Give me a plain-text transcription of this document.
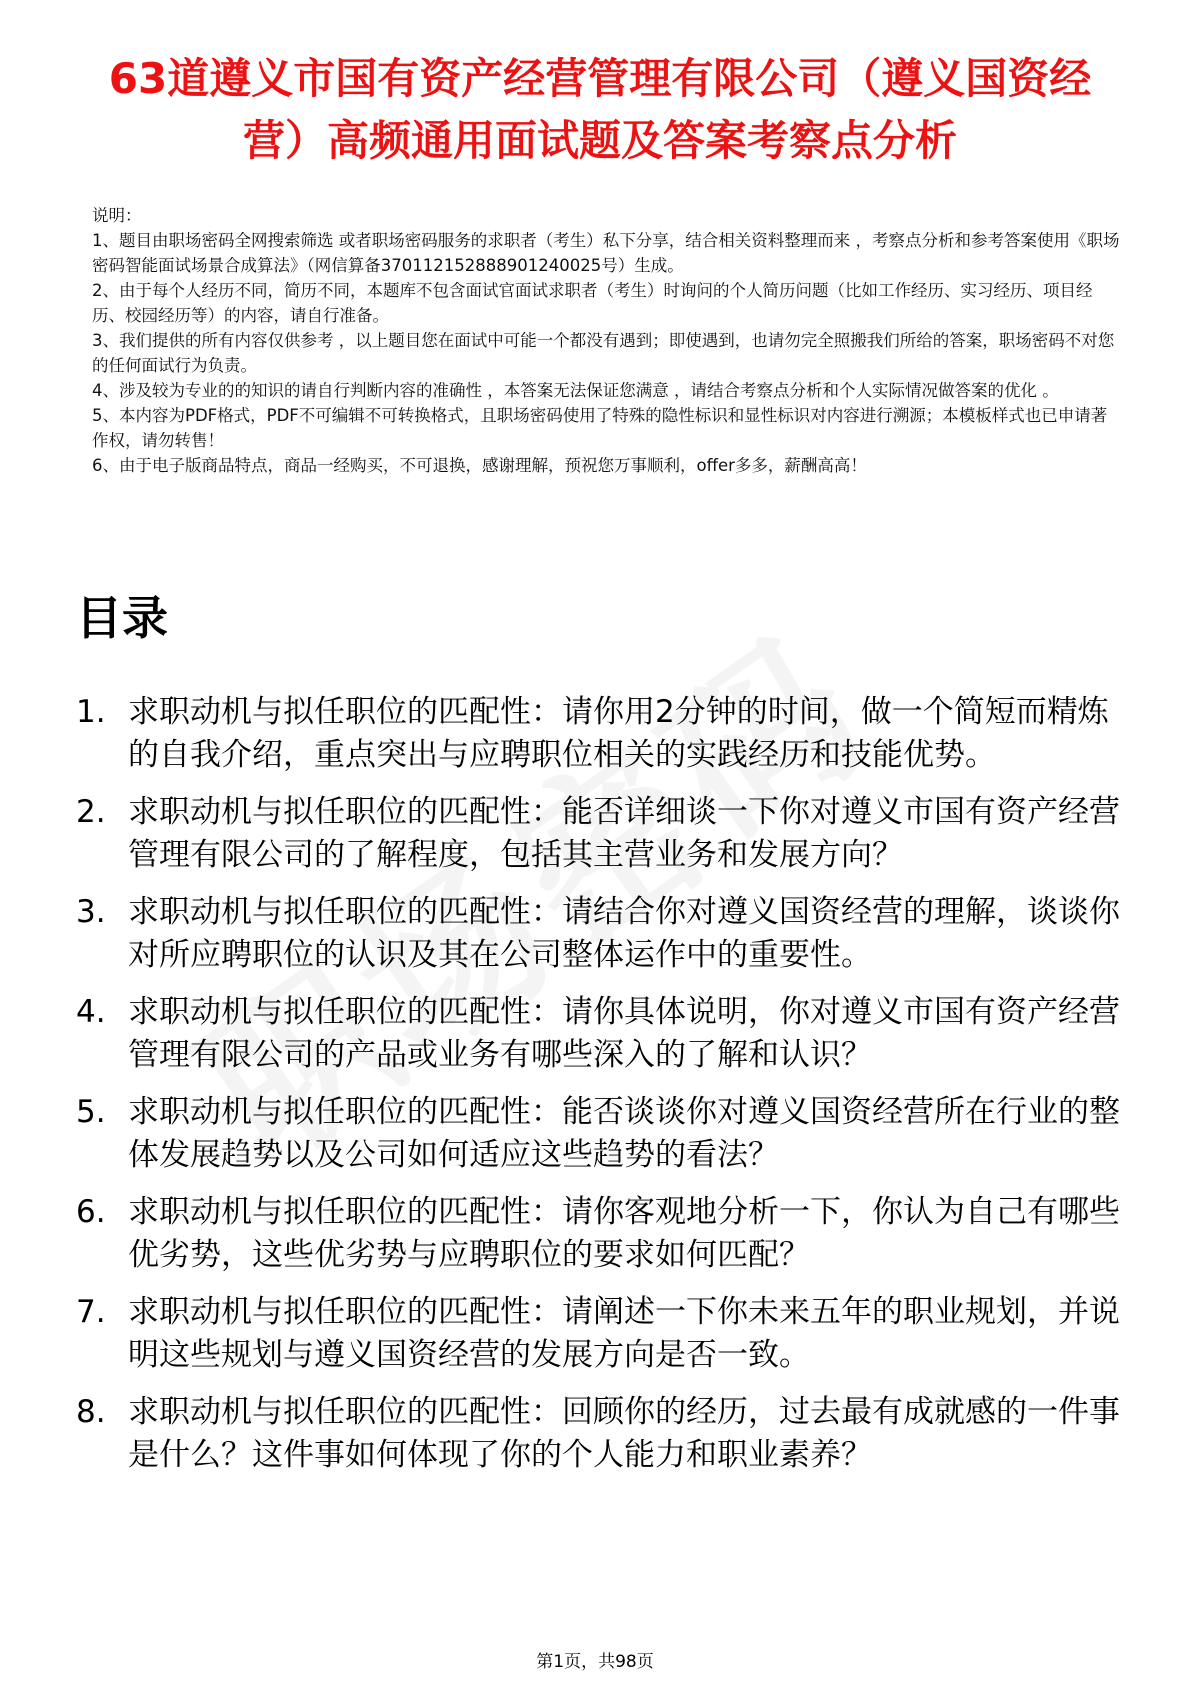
63道遵义市国有资产经营管理有限公司（遵义国资经营）高频通用面试题及答案考察点分析
说明：
1、题目由职场密码全网搜索筛选 或者职场密码服务的求职者（考生）私下分享，结合相关资料整理而来 ，考察点分析和参考答案使用《职场密码智能面试场景合成算法》（网信算备370112152888901240025号）生成。
2、由于每个人经历不同，简历不同，本题库不包含面试官面试求职者（考生）时询问的个人简历问题（比如工作经历、实习经历、项目经历、校园经历等）的内容，请自行准备。
3、我们提供的所有内容仅供参考 ，以上题目您在面试中可能一个都没有遇到；即使遇到，也请勿完全照搬我们所给的答案，职场密码不对您的任何面试行为负责。
4、涉及较为专业的的知识的请自行判断内容的准确性 ，本答案无法保证您满意 ，请结合考察点分析和个人实际情况做答案的优化 。
5、本内容为PDF格式，PDF不可编辑不可转换格式，且职场密码使用了特殊的隐性标识和显性标识对内容进行溯源；本模板样式也已申请著作权，请勿转售！
6、由于电子版商品特点，商品一经购买，不可退换，感谢理解，预祝您万事顺利，offer多多，薪酬高高！
目录
1. 求职动机与拟任职位的匹配性：请你用2分钟的时间，做一个简短而精炼的自我介绍，重点突出与应聘职位相关的实践经历和技能优势。
2. 求职动机与拟任职位的匹配性：能否详细谈一下你对遵义市国有资产经营管理有限公司的了解程度，包括其主营业务和发展方向？
3. 求职动机与拟任职位的匹配性：请结合你对遵义国资经营的理解，谈谈你对所应聘职位的认识及其在公司整体运作中的重要性。
4. 求职动机与拟任职位的匹配性：请你具体说明，你对遵义市国有资产经营管理有限公司的产品或业务有哪些深入的了解和认识？
5. 求职动机与拟任职位的匹配性：能否谈谈你对遵义国资经营所在行业的整体发展趋势以及公司如何适应这些趋势的看法？
6. 求职动机与拟任职位的匹配性：请你客观地分析一下，你认为自己有哪些优劣势，这些优劣势与应聘职位的要求如何匹配？
7. 求职动机与拟任职位的匹配性：请阐述一下你未来五年的职业规划，并说明这些规划与遵义国资经营的发展方向是否一致。
8. 求职动机与拟任职位的匹配性：回顾你的经历，过去最有成就感的一件事是什么？这件事如何体现了你的个人能力和职业素养？
第1页，共98页
